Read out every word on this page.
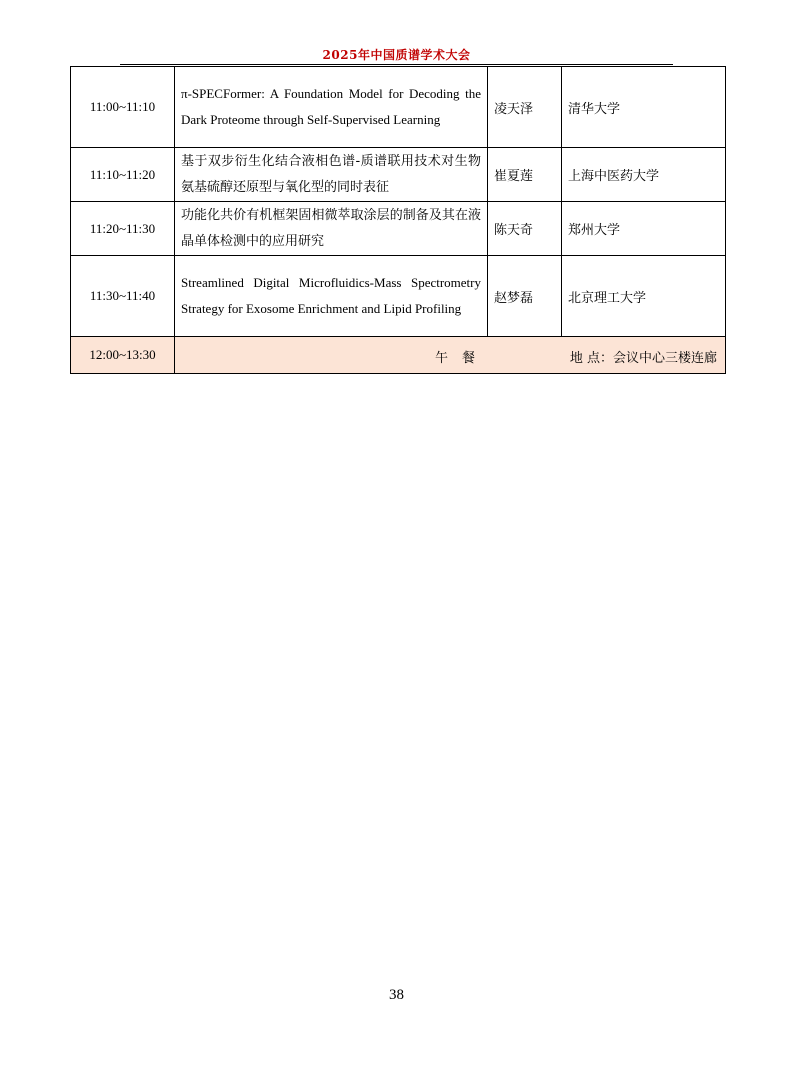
2025年中国质谱学术大会
11:00~11:10	π-SPECFormer: A Foundation Model for Decoding the Dark Proteome through Self-Supervised Learning	凌天泽	清华大学
11:10~11:20	基于双步衍生化结合液相色谱-质谱联用技术对生物氨基硫醇还原型与氧化型的同时表征	崔夏莲	上海中医药大学
11:20~11:30	功能化共价有机框架固相微萃取涂层的制备及其在液晶单体检测中的应用研究	陈天奇	郑州大学
11:30~11:40	Streamlined Digital Microfluidics-Mass Spectrometry Strategy for Exosome Enrichment and Lipid Profiling	赵梦磊	北京理工大学
12:00~13:30	午餐 地 点：会议中心三楼连廊		
38
